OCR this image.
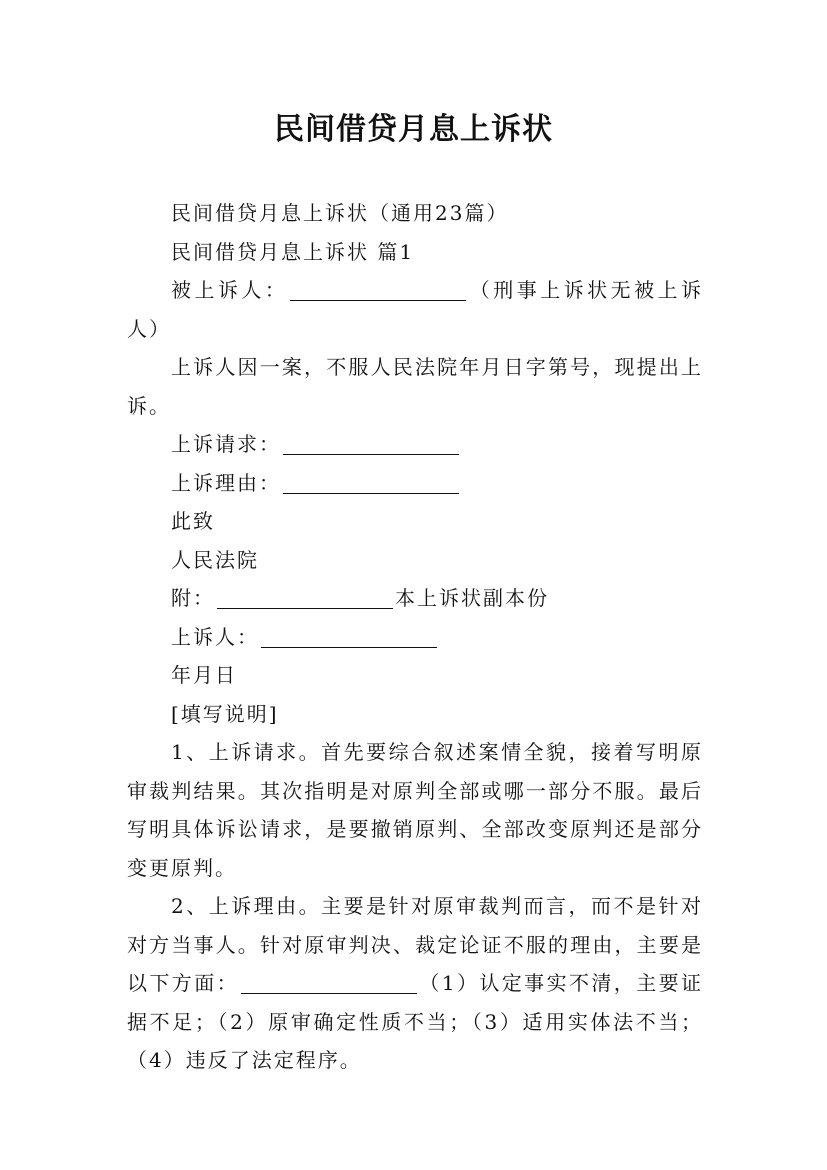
民间借贷月息上诉状

民间借贷月息上诉状（通用23篇）

民间借贷月息上诉状 篇1

被上诉人：	（刑事上诉状无被上诉人）

上诉人因一案，不服人民法院年月日字第号，现提出上诉。

上诉请求：

上诉理由：

此致

人民法院

附：	本上诉状副本份

上诉人：

年月日

[填写说明]

1、上诉请求。首先要综合叙述案情全貌，接着写明原审裁判结果。其次指明是对原判全部或哪一部分不服。最后写明具体诉讼请求，是要撤销原判、全部改变原判还是部分变更原判。

2、上诉理由。主要是针对原审裁判而言，而不是针对对方当事人。针对原审判决、裁定论证不服的理由，主要是以下方面：	（1）认定事实不清，主要证据不足；（2）原审确定性质不当；（3）适用实体法不当；（4）违反了法定程序。
